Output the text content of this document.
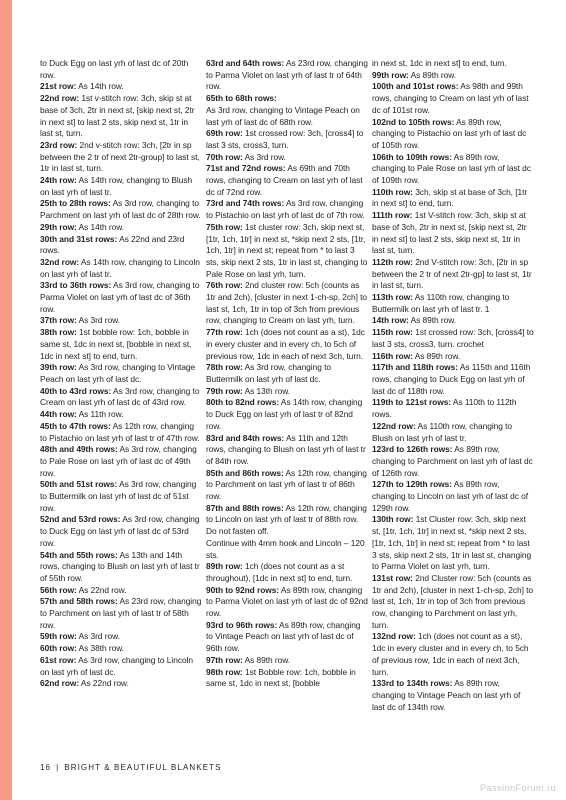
to Duck Egg on last yrh of last dc of 20th row.

21st row: As 14th row.

22nd row: 1st v-stitch row: 3ch, skip st at base of 3ch, 2tr in next st, [skip next st, 2tr in next st] to last 2 sts, skip next st, 1tr in last st, turn.

23rd row: 2nd v-stitch row: 3ch, [2tr in sp between the 2 tr of next 2tr-group] to last st, 1tr in last st, turn.

24th row: As 14th row, changing to Blush on last yrh of last tr.

25th to 28th rows: As 3rd row, changing to Parchment on last yrh of last dc of 28th row.

29th row: As 14th row.

30th and 31st rows: As 22nd and 23rd rows.

32nd row: As 14th row, changing to Lincoln on last yrh of last tr.

33rd to 36th rows: As 3rd row, changing to Parma Violet on last yrh of last dc of 36th row.

37th row: As 3rd row.

38th row: 1st bobble row: 1ch, bobble in same st, 1dc in next st, [bobble in next st, 1dc in next st] to end, turn.

39th row: As 3rd row, changing to Vintage Peach on last yrh of last dc.

40th to 43rd rows: As 3rd row, changing to Cream on last yrh of last dc of 43rd row.

44th row: As 11th row.

45th to 47th rows: As 12th row, changing to Pistachio on last yrh of last tr of 47th row.

48th and 49th rows: As 3rd row, changing to Pale Rose on last yrh of last dc of 49th row.

50th and 51st rows: As 3rd row, changing to Buttermilk on last yrh of last dc of 51st row.

52nd and 53rd rows: As 3rd row, changing to Duck Egg on last yrh of last dc of 53rd row.

54th and 55th rows: As 13th and 14th rows, changing to Blush on last yrh of last tr of 55th row.

56th row: As 22nd row.

57th and 58th rows: As 23rd row, changing to Parchment on last yrh of last tr of 58th row.

59th row: As 3rd row.

60th row: As 38th row.

61st row: As 3rd row, changing to Lincoln on last yrh of last dc.

62nd row: As 22nd row.

63rd and 64th rows: As 23rd row, changing to Parma Violet on last yrh of last tr of 64th row.

65th to 68th rows:

As 3rd row, changing to Vintage Peach on last yrh of last dc of 68th row.

69th row: 1st crossed row: 3ch, [cross4] to last 3 sts, cross3, turn.

70th row: As 3rd row.

71st and 72nd rows: As 69th and 70th rows, changing to Cream on last yrh of last dc of 72nd row.

73rd and 74th rows: As 3rd row, changing to Pistachio on last yrh of last dc of 7th row.

75th row: 1st cluster row: 3ch, skip next st, [1tr, 1ch, 1tr] in next st, *skip next 2 sts, [1tr, 1ch, 1tr] in next st; repeat from * to last 3 sts, skip next 2 sts, 1tr in last st, changing to Pale Rose on last yrh, turn.

76th row: 2nd cluster row: 5ch (counts as 1tr and 2ch), [cluster in next 1-ch-sp, 2ch] to last st, 1ch, 1tr in top of 3ch from previous row, changing to Cream on last yrh, turn.

77th row: 1ch (does not count as a st), 1dc in every cluster and in every ch, to 5ch of previous row, 1dc in each of next 3ch, turn.

78th row: As 3rd row, changing to Buttermilk on last yrh of last dc.

79th row: As 13th row.

80th to 82nd rows: As 14th row, changing to Duck Egg on last yrh of last tr of 82nd row.

83rd and 84th rows: As 11th and 12th rows, changing to Blush on last yrh of last tr of 84th row.

85th and 86th rows: As 12th row, changing to Parchment on last yrh of last tr of 86th row.

87th and 88th rows: As 12th row, changing to Lincoln on last yrh of last tr of 88th row. Do not fasten off.

Continue with 4mm hook and Lincoln – 120 sts.

89th row: 1ch (does not count as a st throughout), [1dc in next st] to end, turn.

90th to 92nd rows: As 89th row, changing to Parma Violet on last yrh of last dc of 92nd row.

93rd to 96th rows: As 89th row, changing to Vintage Peach on last yrh of last dc of 96th row.

97th row: As 89th row.

98th row: 1st Bobble row: 1ch, bobble in same st, 1dc in next st, [bobble

in next st, 1dc in next st] to end, turn.

99th row: As 89th row.

100th and 101st rows: As 98th and 99th rows, changing to Cream on last yrh of last dc of 101st row.

102nd to 105th rows: As 89th row, changing to Pistachio on last yrh of last dc of 105th row.

106th to 109th rows: As 89th row, changing to Pale Rose on last yrh of last dc of 109th row.

110th row: 3ch, skip st at base of 3ch, [1tr in next st] to end, turn.

111th row: 1st V-stitch row: 3ch, skip st at base of 3ch, 2tr in next st, [skip next st, 2tr in next st] to last 2 sts, skip next st, 1tr in last st, turn.

112th row: 2nd V-stitch row: 3ch, [2tr in sp between the 2 tr of next 2tr-gp] to last st, 1tr in last st, turn.

113th row: As 110th row, changing to Buttermilk on last yrh of last tr. 1

14th row: As 89th row.

115th row: 1st crossed row: 3ch, [cross4] to last 3 sts, cross3, turn. crochet

116th row: As 89th row.

117th and 118th rows: As 115th and 116th rows, changing to Duck Egg on last yrh of last dc of 118th row.

119th to 121st rows: As 110th to 112th rows.

122nd row: As 110th row, changing to Blush on last yrh of last tr.

123rd to 126th rows: As 89th row, changing to Parchment on last yrh of last dc of 126th row.

127th to 129th rows: As 89th row, changing to Lincoln on last yrh of last dc of 129th row.

130th row: 1st Cluster row: 3ch, skip next st, [1tr, 1ch, 1tr] in next st, *skip next 2 sts, [1tr, 1ch, 1tr] in next st; repeat from * to last 3 sts, skip next 2 sts, 1tr in last st, changing to Parma Violet on last yrh, turn.

131st row: 2nd Cluster row: 5ch (counts as 1tr and 2ch), [cluster in next 1-ch-sp, 2ch] to last st, 1ch, 1tr in top of 3ch from previous row, changing to Parchment on last yrh, turn.

132nd row: 1ch (does not count as a st), 1dc in every cluster and in every ch, to 5ch of previous row, 1dc in each of next 3ch, turn.

133rd to 134th rows: As 89th row, changing to Vintage Peach on last yrh of last dc of 134th row.

16 | BRIGHT & BEAUTIFUL BLANKETS
PassionForum.ru
